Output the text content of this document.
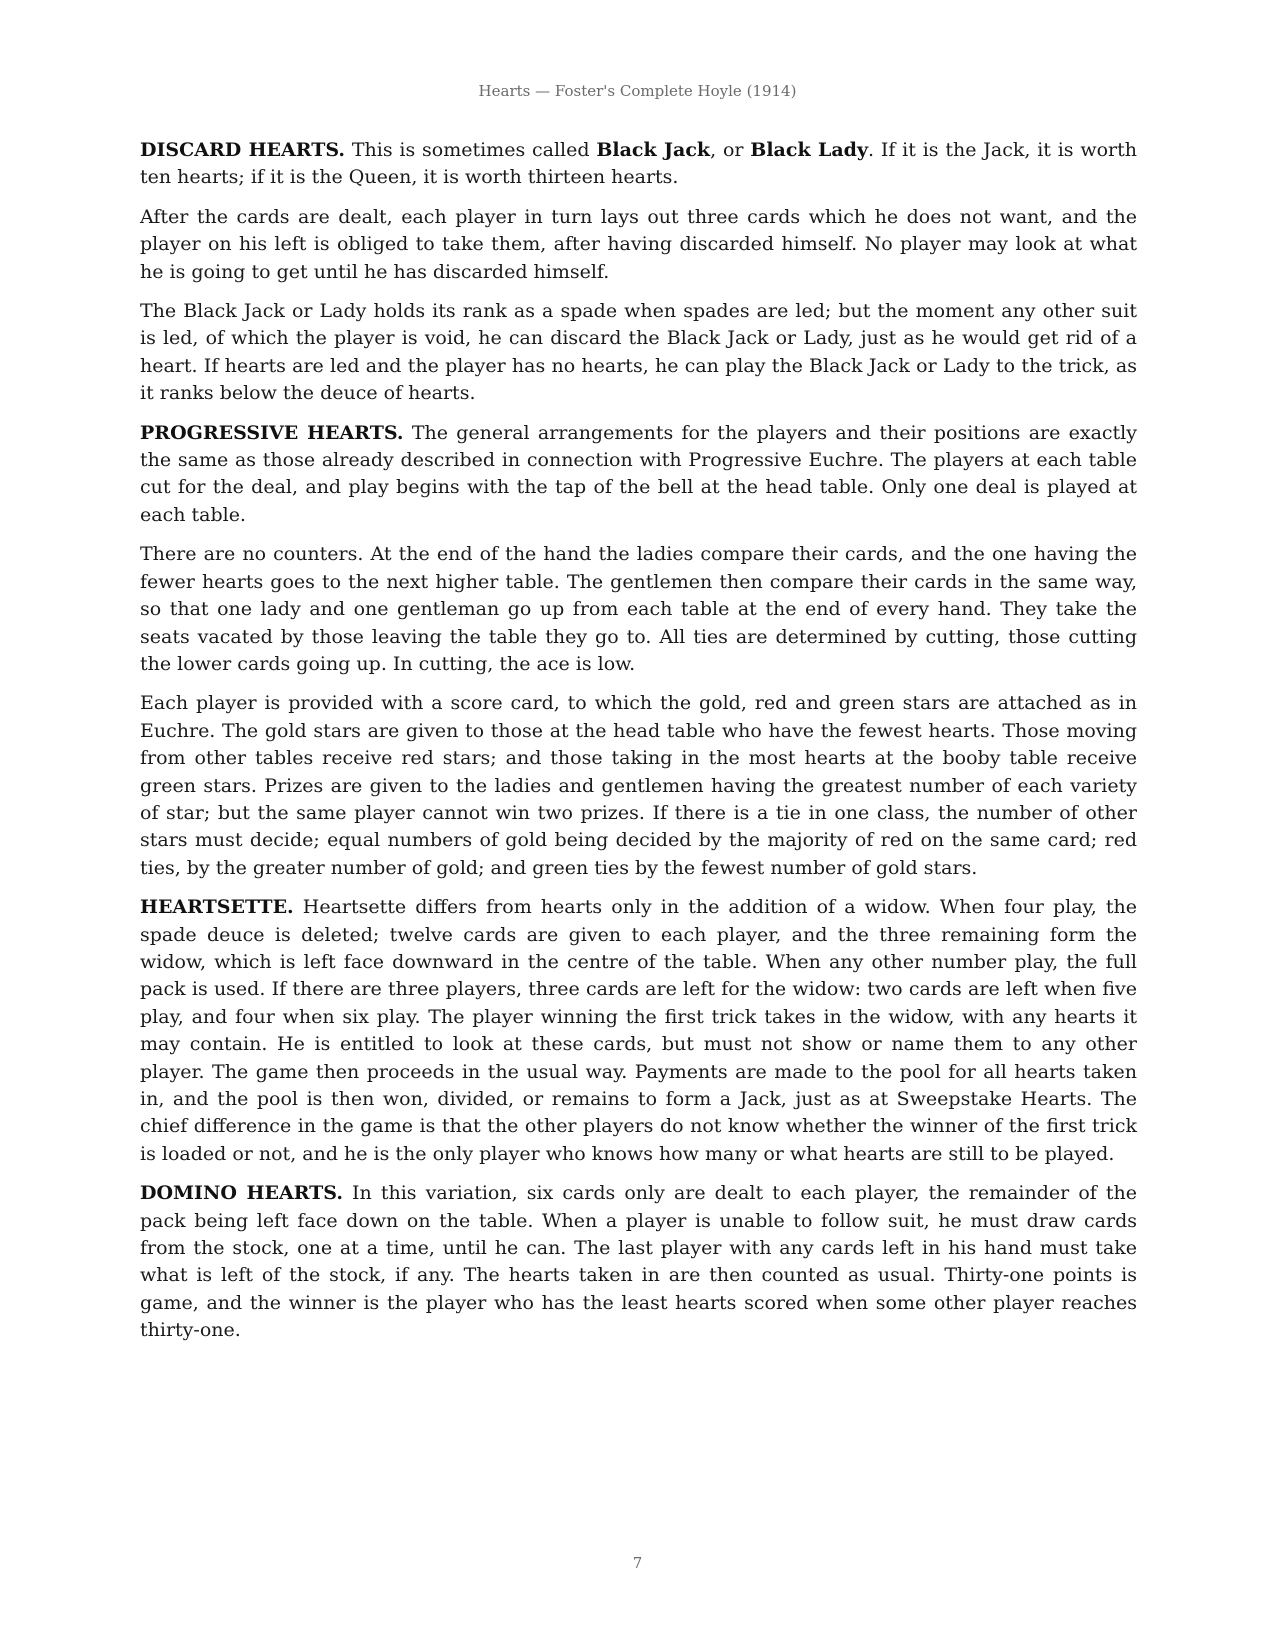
Hearts — Foster's Complete Hoyle (1914)

DISCARD HEARTS. This is sometimes called Black Jack, or Black Lady. If it is the Jack, it is worth ten hearts; if it is the Queen, it is worth thirteen hearts.

After the cards are dealt, each player in turn lays out three cards which he does not want, and the player on his left is obliged to take them, after having discarded himself. No player may look at what he is going to get until he has discarded himself.

The Black Jack or Lady holds its rank as a spade when spades are led; but the moment any other suit is led, of which the player is void, he can discard the Black Jack or Lady, just as he would get rid of a heart. If hearts are led and the player has no hearts, he can play the Black Jack or Lady to the trick, as it ranks below the deuce of hearts.

PROGRESSIVE HEARTS. The general arrangements for the players and their positions are exactly the same as those already described in connection with Progressive Euchre. The players at each table cut for the deal, and play begins with the tap of the bell at the head table. Only one deal is played at each table.

There are no counters. At the end of the hand the ladies compare their cards, and the one having the fewer hearts goes to the next higher table. The gentlemen then compare their cards in the same way, so that one lady and one gentleman go up from each table at the end of every hand. They take the seats vacated by those leaving the table they go to. All ties are determined by cutting, those cutting the lower cards going up. In cutting, the ace is low.

Each player is provided with a score card, to which the gold, red and green stars are attached as in Euchre. The gold stars are given to those at the head table who have the fewest hearts. Those moving from other tables receive red stars; and those taking in the most hearts at the booby table receive green stars. Prizes are given to the ladies and gentlemen having the greatest number of each variety of star; but the same player cannot win two prizes. If there is a tie in one class, the number of other stars must decide; equal numbers of gold being decided by the majority of red on the same card; red ties, by the greater number of gold; and green ties by the fewest number of gold stars.

HEARTSETTE. Heartsette differs from hearts only in the addition of a widow. When four play, the spade deuce is deleted; twelve cards are given to each player, and the three remaining form the widow, which is left face downward in the centre of the table. When any other number play, the full pack is used. If there are three players, three cards are left for the widow: two cards are left when five play, and four when six play. The player winning the first trick takes in the widow, with any hearts it may contain. He is entitled to look at these cards, but must not show or name them to any other player. The game then proceeds in the usual way. Payments are made to the pool for all hearts taken in, and the pool is then won, divided, or remains to form a Jack, just as at Sweepstake Hearts. The chief difference in the game is that the other players do not know whether the winner of the first trick is loaded or not, and he is the only player who knows how many or what hearts are still to be played.

DOMINO HEARTS. In this variation, six cards only are dealt to each player, the remainder of the pack being left face down on the table. When a player is unable to follow suit, he must draw cards from the stock, one at a time, until he can. The last player with any cards left in his hand must take what is left of the stock, if any. The hearts taken in are then counted as usual. Thirty-one points is game, and the winner is the player who has the least hearts scored when some other player reaches thirty-one.

7
